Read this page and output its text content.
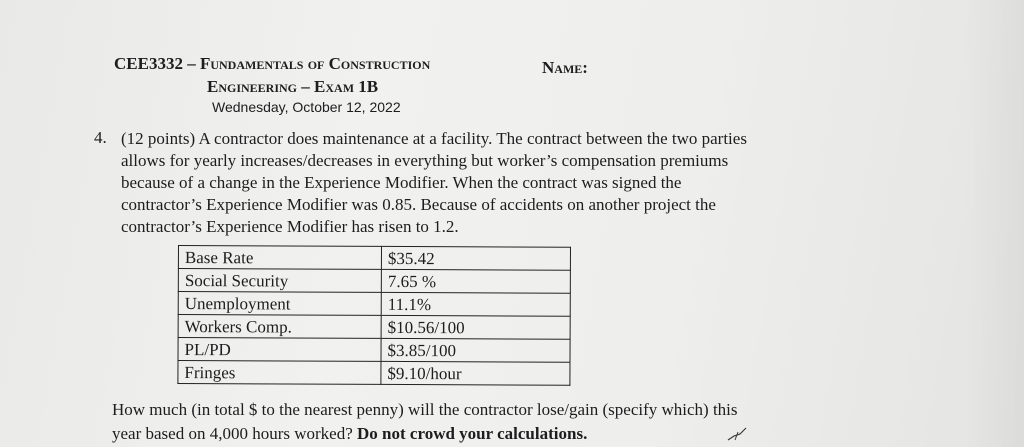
CEE3332 – Fundamentals of Construction	Name:
Engineering – Exam 1B
Wednesday, October 12, 2022
4. (12 points) A contractor does maintenance at a facility. The contract between the two parties
allows for yearly increases/decreases in everything but worker’s compensation premiums
because of a change in the Experience Modifier. When the contract was signed the
contractor’s Experience Modifier was 0.85. Because of accidents on another project the
contractor’s Experience Modifier has risen to 1.2.
Base Rate	$35.42
Social Security	7.65 %
Unemployment	11.1%
Workers Comp.	$10.56/100
PL/PD	$3.85/100
Fringes	$9.10/hour
How much (in total $ to the nearest penny) will the contractor lose/gain (specify which) this
year based on 4,000 hours worked? Do not crowd your calculations.
